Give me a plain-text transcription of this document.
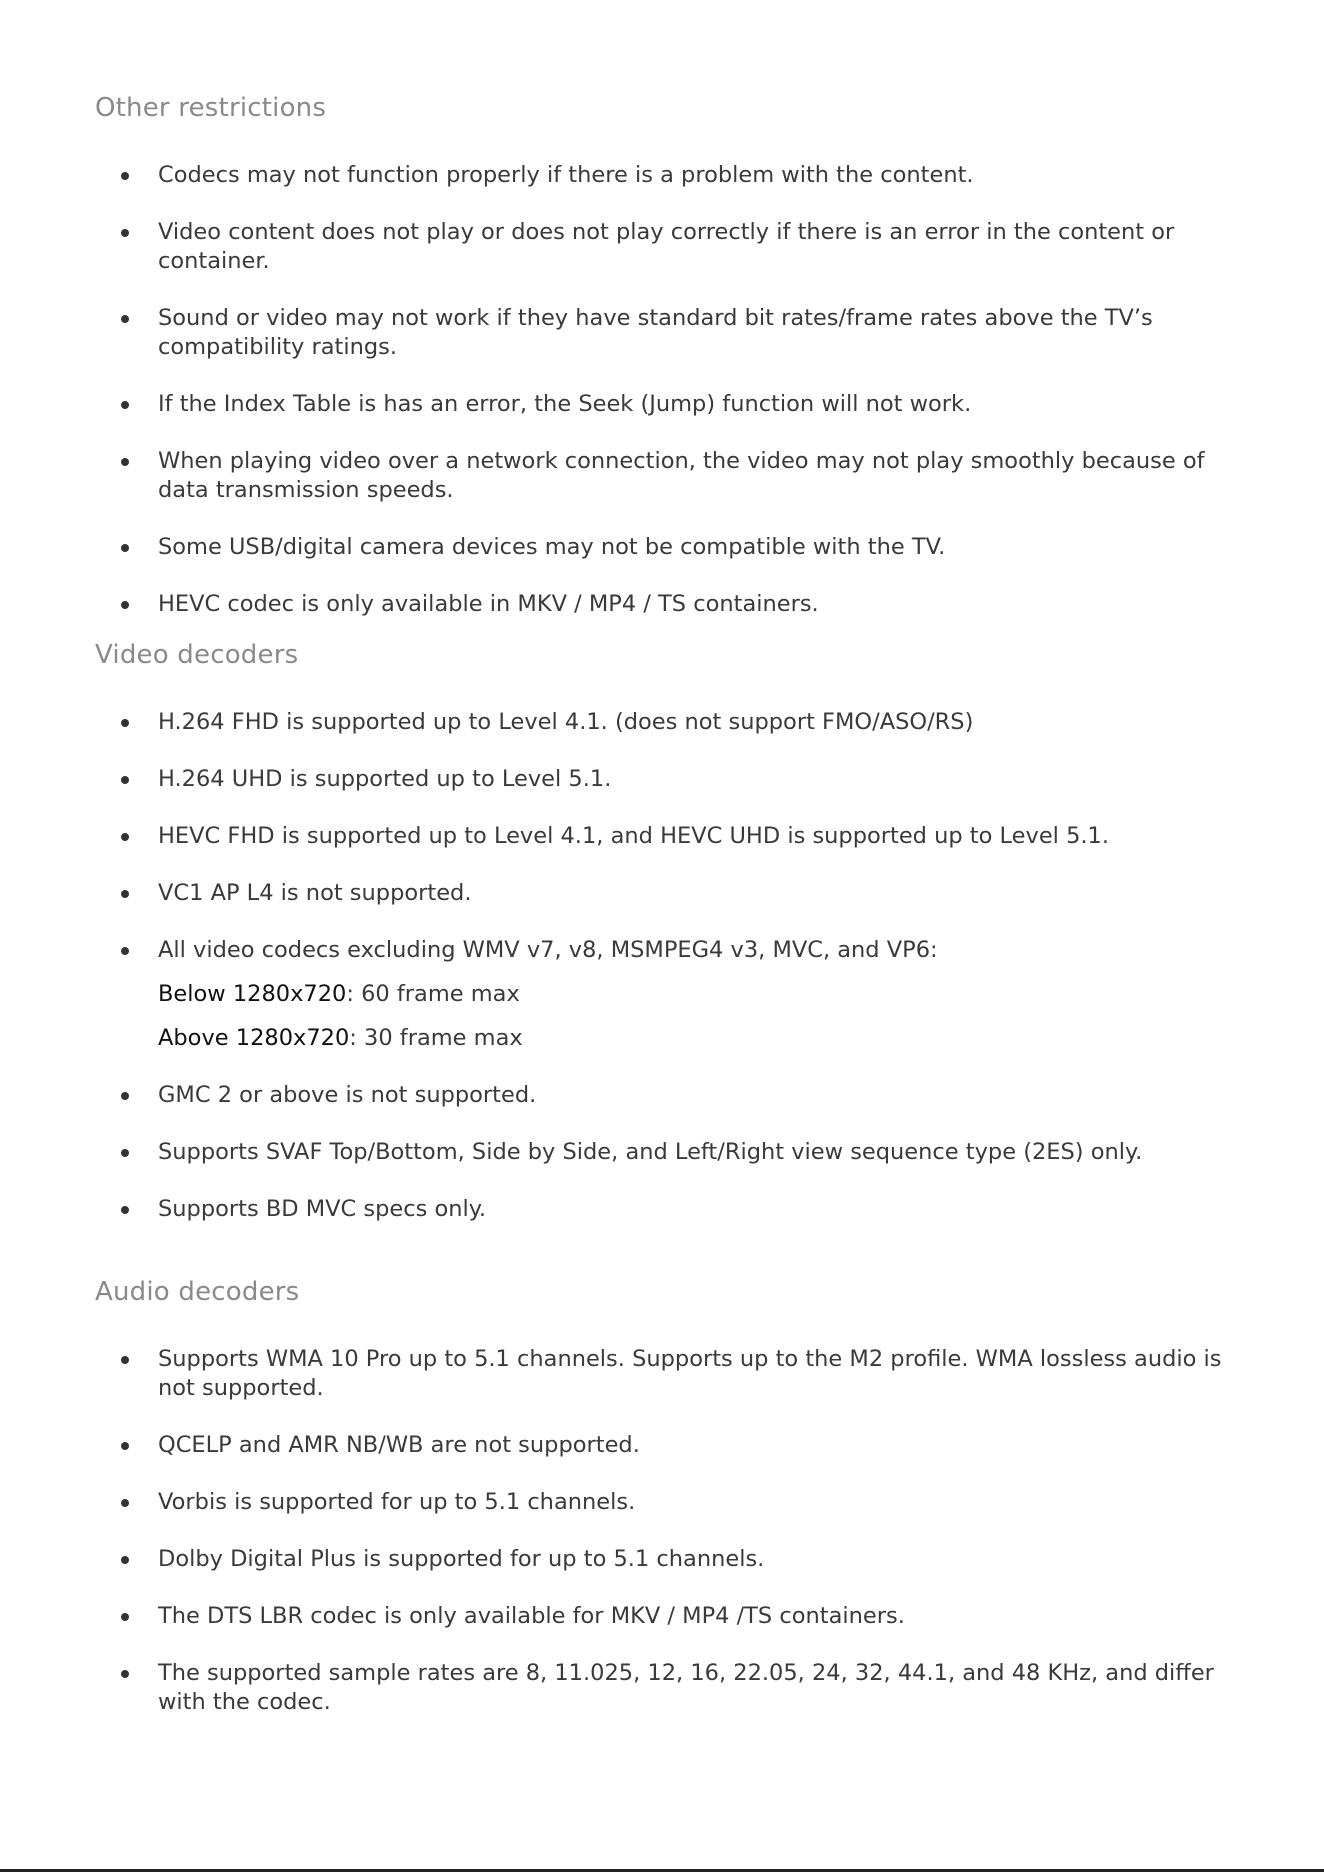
Other restrictions
Codecs may not function properly if there is a problem with the content.
Video content does not play or does not play correctly if there is an error in the content or container.
Sound or video may not work if they have standard bit rates/frame rates above the TV’s compatibility ratings.
If the Index Table is has an error, the Seek (Jump) function will not work.
When playing video over a network connection, the video may not play smoothly because of data transmission speeds.
Some USB/digital camera devices may not be compatible with the TV.
HEVC codec is only available in MKV / MP4 / TS containers.
Video decoders
H.264 FHD is supported up to Level 4.1. (does not support FMO/ASO/RS)
H.264 UHD is supported up to Level 5.1.
HEVC FHD is supported up to Level 4.1, and HEVC UHD is supported up to Level 5.1.
VC1 AP L4 is not supported.
All video codecs excluding WMV v7, v8, MSMPEG4 v3, MVC, and VP6:
Below 1280x720: 60 frame max
Above 1280x720: 30 frame max
GMC 2 or above is not supported.
Supports SVAF Top/Bottom, Side by Side, and Left/Right view sequence type (2ES) only.
Supports BD MVC specs only.
Audio decoders
Supports WMA 10 Pro up to 5.1 channels. Supports up to the M2 profile. WMA lossless audio is not supported.
QCELP and AMR NB/WB are not supported.
Vorbis is supported for up to 5.1 channels.
Dolby Digital Plus is supported for up to 5.1 channels.
The DTS LBR codec is only available for MKV / MP4 /TS containers.
The supported sample rates are 8, 11.025, 12, 16, 22.05, 24, 32, 44.1, and 48 KHz, and differ with the codec.
